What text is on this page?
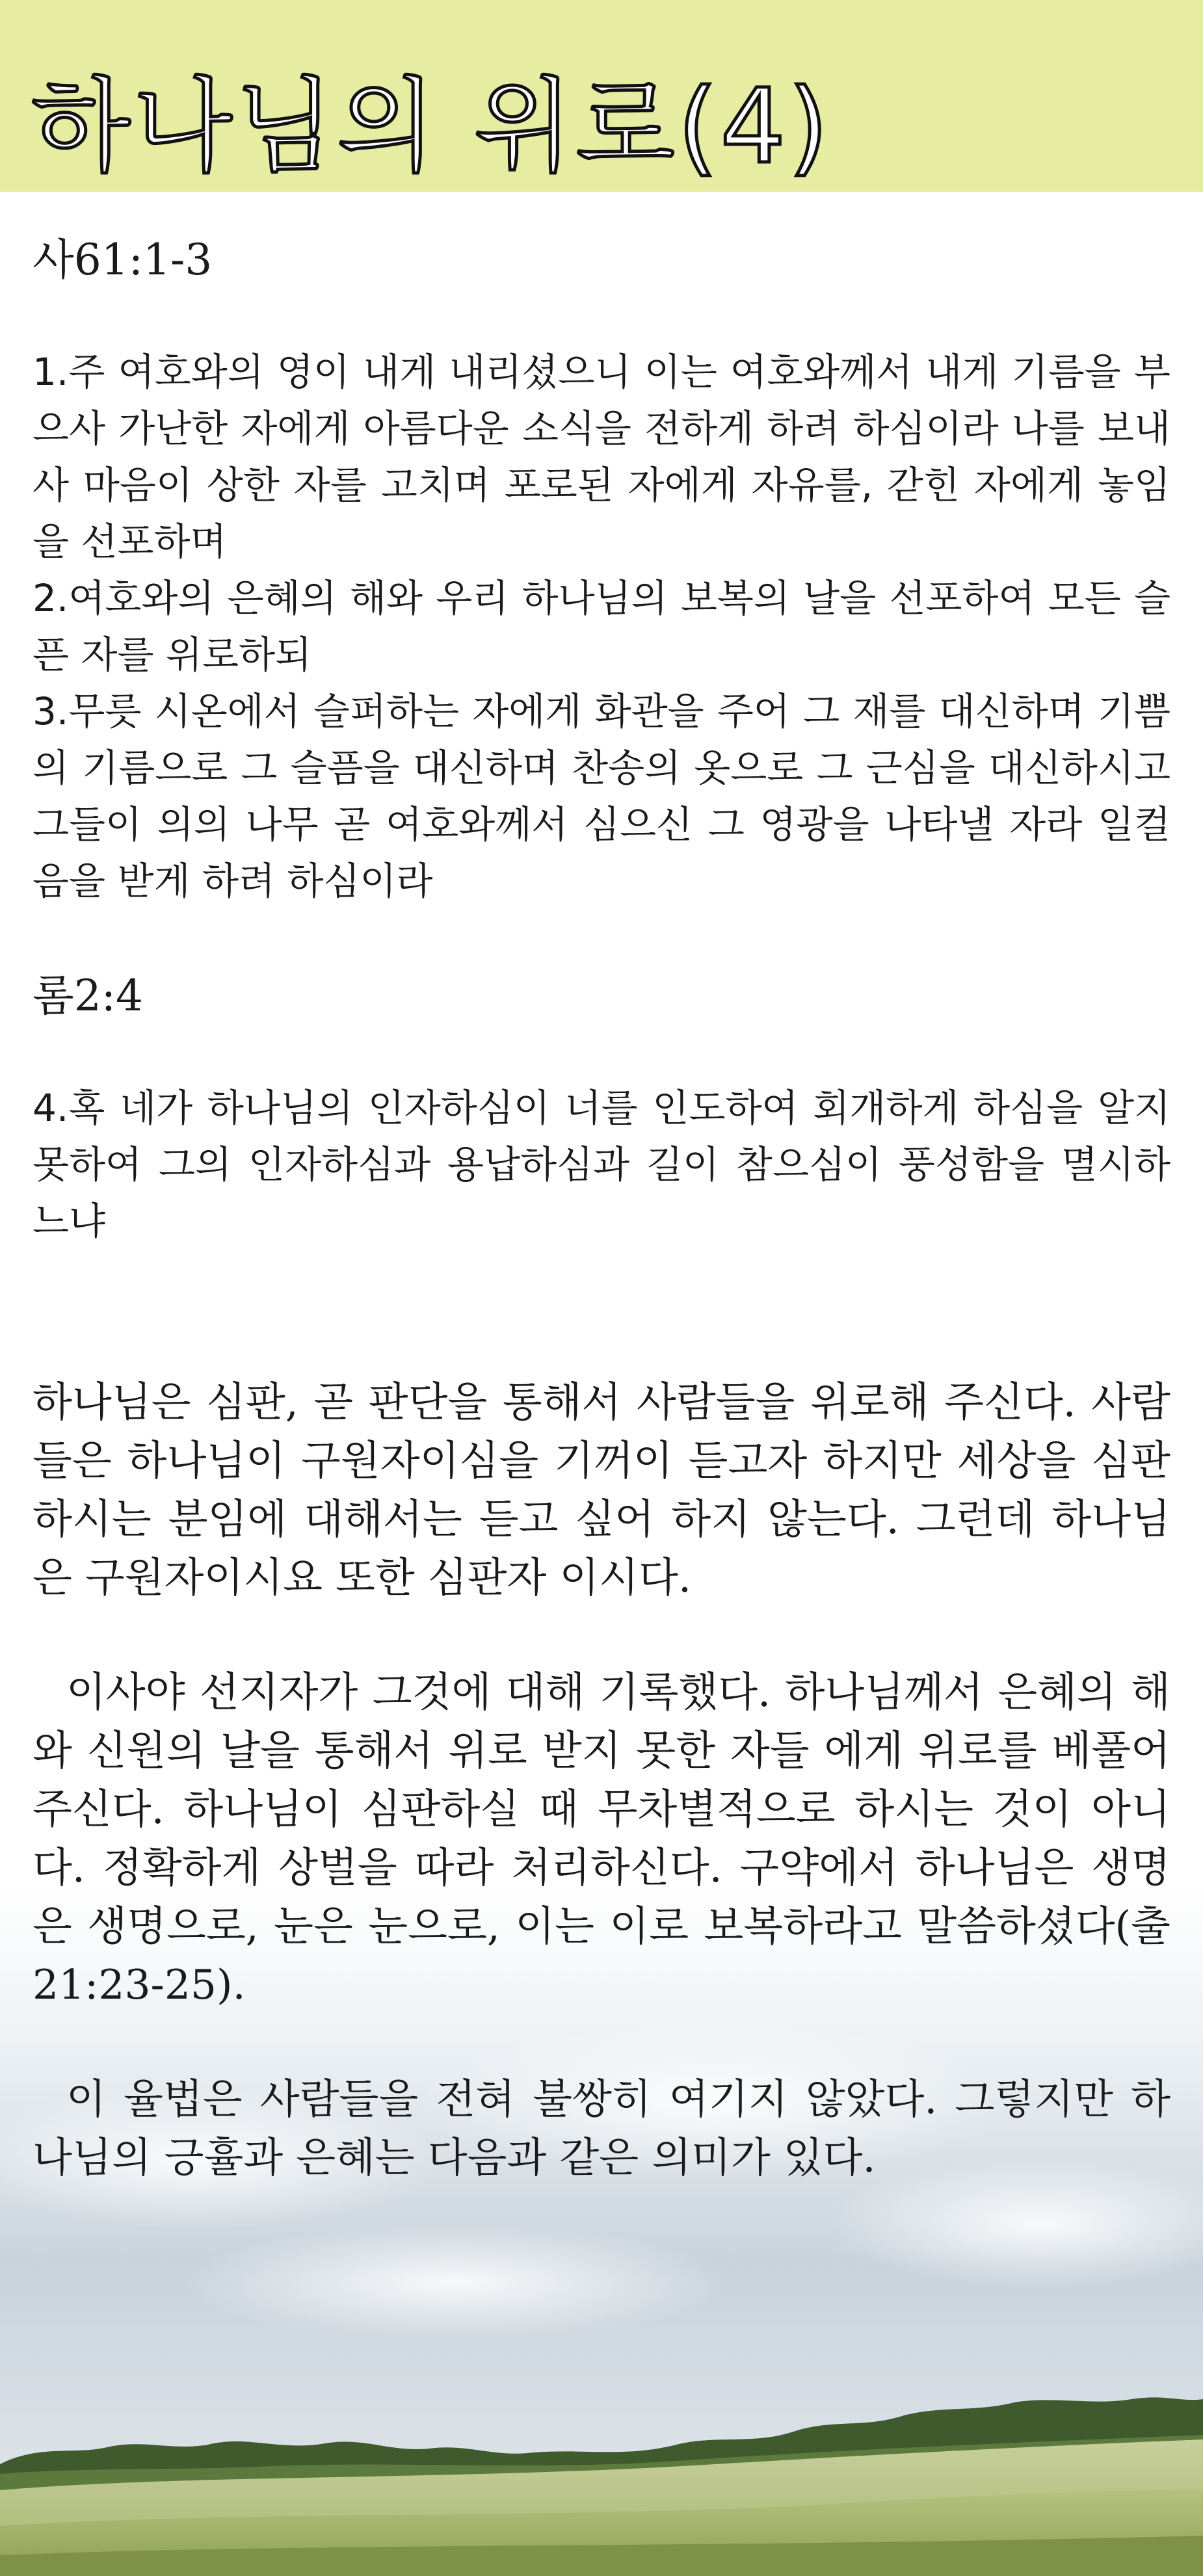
하나님의 위로(4)

사61:1-3

1.주 여호와의 영이 내게 내리셨으니 이는 여호와께서 내게 기름을 부으사 가난한 자에게 아름다운 소식을 전하게 하려 하심이라 나를 보내사 마음이 상한 자를 고치며 포로된 자에게 자유를, 갇힌 자에게 놓임을 선포하며

2.여호와의 은혜의 해와 우리 하나님의 보복의 날을 선포하여 모든 슬픈 자를 위로하되

3.무릇 시온에서 슬퍼하는 자에게 화관을 주어 그 재를 대신하며 기쁨의 기름으로 그 슬픔을 대신하며 찬송의 옷으로 그 근심을 대신하시고 그들이 의의 나무 곧 여호와께서 심으신 그 영광을 나타낼 자라 일컬음을 받게 하려 하심이라

롬2:4

4.혹 네가 하나님의 인자하심이 너를 인도하여 회개하게 하심을 알지 못하여 그의 인자하심과 용납하심과 길이 참으심이 풍성함을 멸시하느냐

하나님은 심판, 곧 판단을 통해서 사람들을 위로해 주신다. 사람들은 하나님이 구원자이심을 기꺼이 듣고자 하지만 세상을 심판하시는 분임에 대해서는 듣고 싶어 하지 않는다. 그런데 하나님은 구원자이시요 또한 심판자 이시다.

이사야 선지자가 그것에 대해 기록했다. 하나님께서 은혜의 해와 신원의 날을 통해서 위로 받지 못한 자들 에게 위로를 베풀어주신다. 하나님이 심판하실 때 무차별적으로 하시는 것이 아니다. 정확하게 상벌을 따라 처리하신다. 구약에서 하나님은 생명은 생명으로, 눈은 눈으로, 이는 이로 보복하라고 말씀하셨다(출21:23-25).

이 율법은 사람들을 전혀 불쌍히 여기지 않았다. 그렇지만 하나님의 긍휼과 은혜는 다음과 같은 의미가 있다.
